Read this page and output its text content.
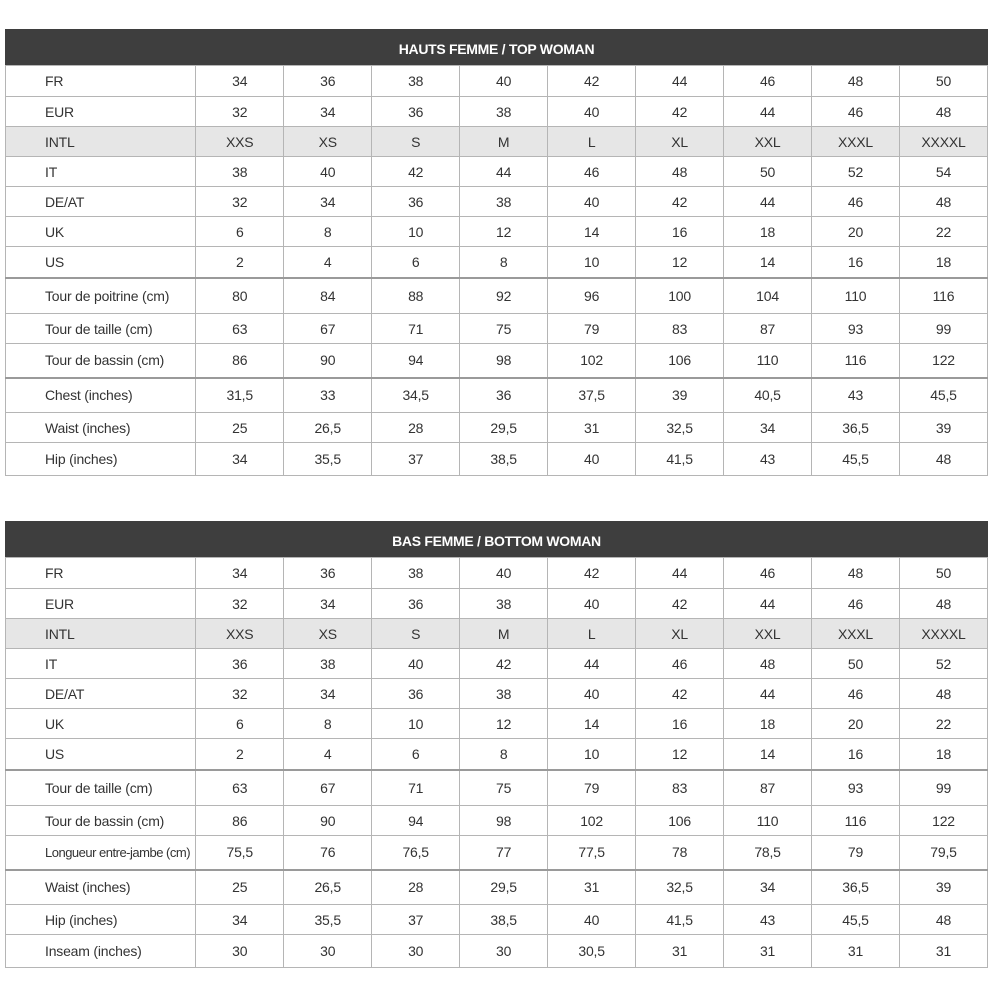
HAUTS FEMME / TOP WOMAN
FR	34	36	38	40	42	44	46	48	50
EUR	32	34	36	38	40	42	44	46	48
INTL	XXS	XS	S	M	L	XL	XXL	XXXL	XXXXL
IT	38	40	42	44	46	48	50	52	54
DE/AT	32	34	36	38	40	42	44	46	48
UK	6	8	10	12	14	16	18	20	22
US	2	4	6	8	10	12	14	16	18
Tour de poitrine (cm)	80	84	88	92	96	100	104	110	116
Tour de taille (cm)	63	67	71	75	79	83	87	93	99
Tour de bassin (cm)	86	90	94	98	102	106	110	116	122
Chest (inches)	31,5	33	34,5	36	37,5	39	40,5	43	45,5
Waist (inches)	25	26,5	28	29,5	31	32,5	34	36,5	39
Hip (inches)	34	35,5	37	38,5	40	41,5	43	45,5	48
BAS FEMME / BOTTOM WOMAN
FR	34	36	38	40	42	44	46	48	50
EUR	32	34	36	38	40	42	44	46	48
INTL	XXS	XS	S	M	L	XL	XXL	XXXL	XXXXL
IT	36	38	40	42	44	46	48	50	52
DE/AT	32	34	36	38	40	42	44	46	48
UK	6	8	10	12	14	16	18	20	22
US	2	4	6	8	10	12	14	16	18
Tour de taille (cm)	63	67	71	75	79	83	87	93	99
Tour de bassin (cm)	86	90	94	98	102	106	110	116	122
Longueur entre-jambe (cm)	75,5	76	76,5	77	77,5	78	78,5	79	79,5
Waist (inches)	25	26,5	28	29,5	31	32,5	34	36,5	39
Hip (inches)	34	35,5	37	38,5	40	41,5	43	45,5	48
Inseam (inches)	30	30	30	30	30,5	31	31	31	31
